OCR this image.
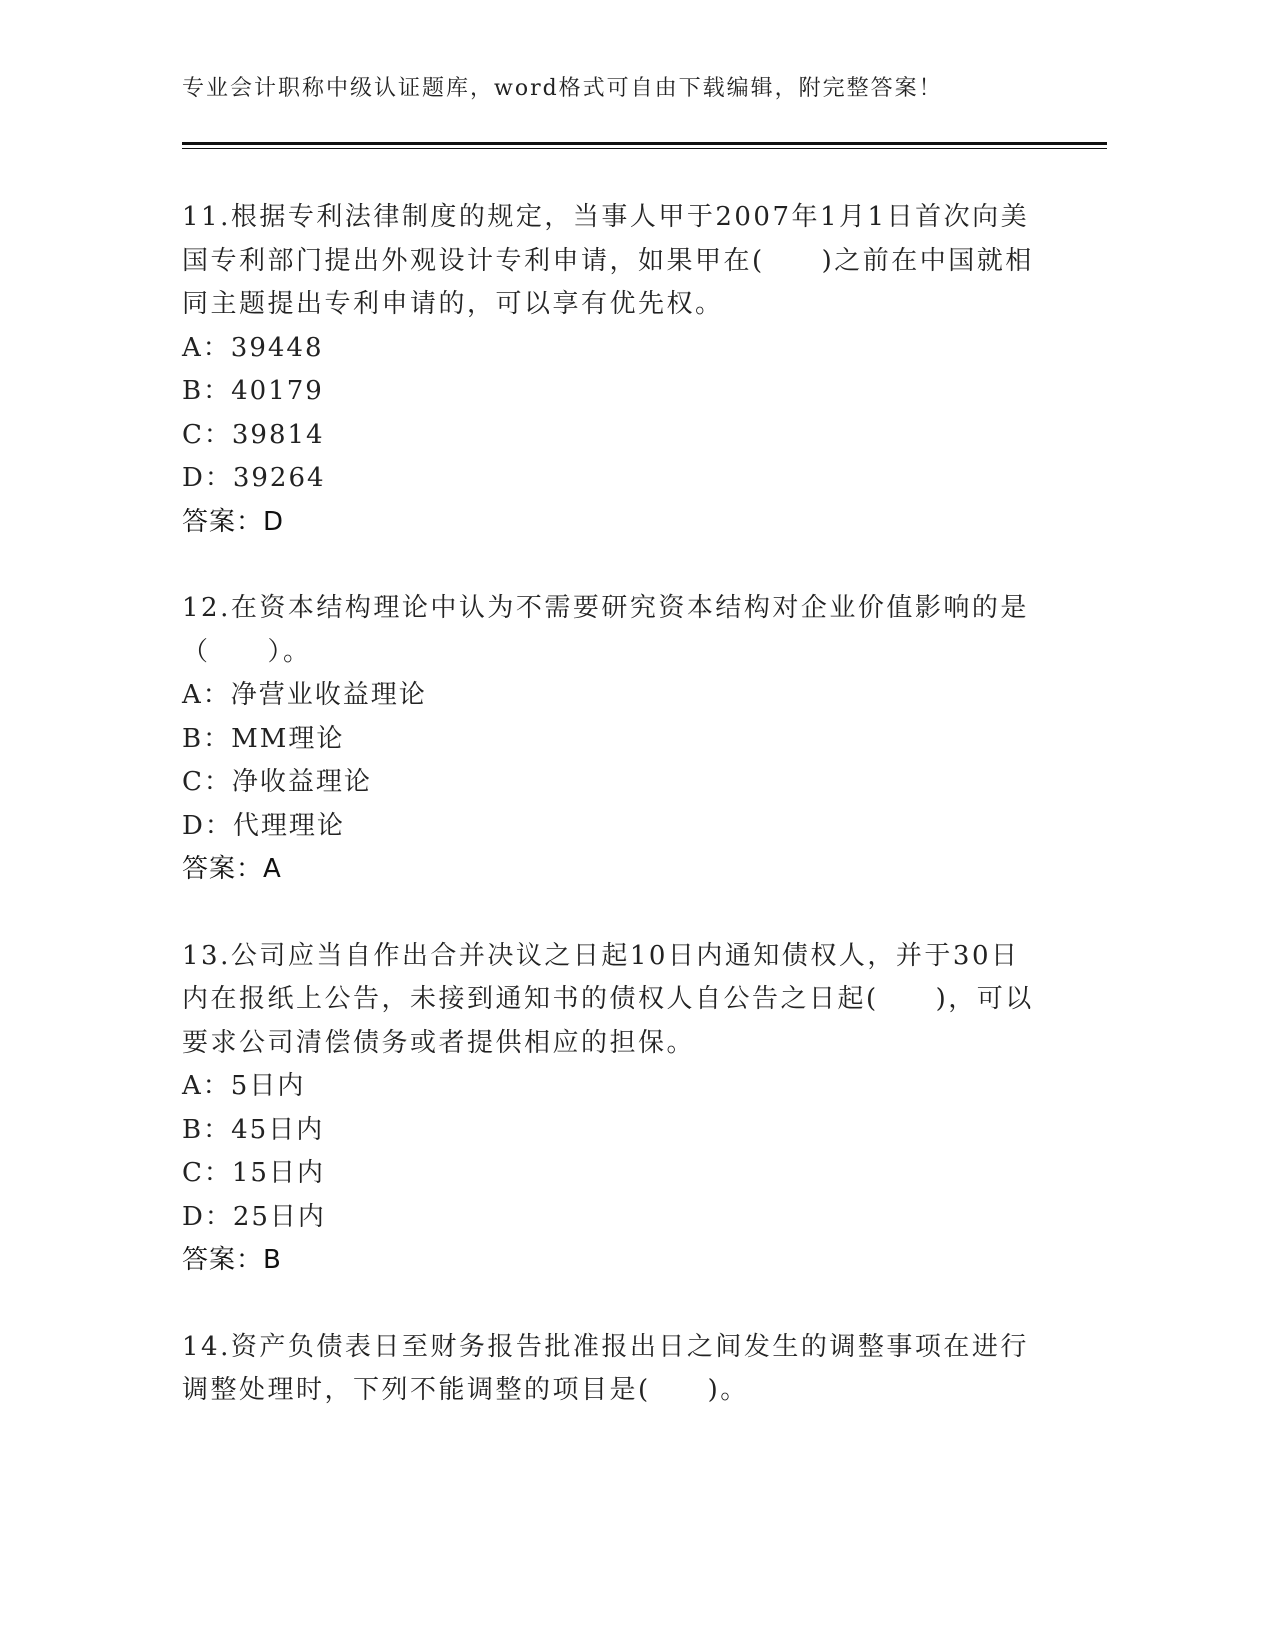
专业会计职称中级认证题库，word格式可自由下载编辑，附完整答案！

11.根据专利法律制度的规定，当事人甲于2007年1月1日首次向美国专利部门提出外观设计专利申请，如果甲在(　　)之前在中国就相同主题提出专利申请的，可以享有优先权。

A：39448

B：40179

C：39814

D：39264

答案：D

12.在资本结构理论中认为不需要研究资本结构对企业价值影响的是（　　）。

A：净营业收益理论

B：MM理论

C：净收益理论

D：代理理论

答案：A

13.公司应当自作出合并决议之日起10日内通知债权人，并于30日内在报纸上公告，未接到通知书的债权人自公告之日起(　　)，可以要求公司清偿债务或者提供相应的担保。

A：5日内

B：45日内

C：15日内

D：25日内

答案：B

14.资产负债表日至财务报告批准报出日之间发生的调整事项在进行调整处理时，下列不能调整的项目是(　　)。
